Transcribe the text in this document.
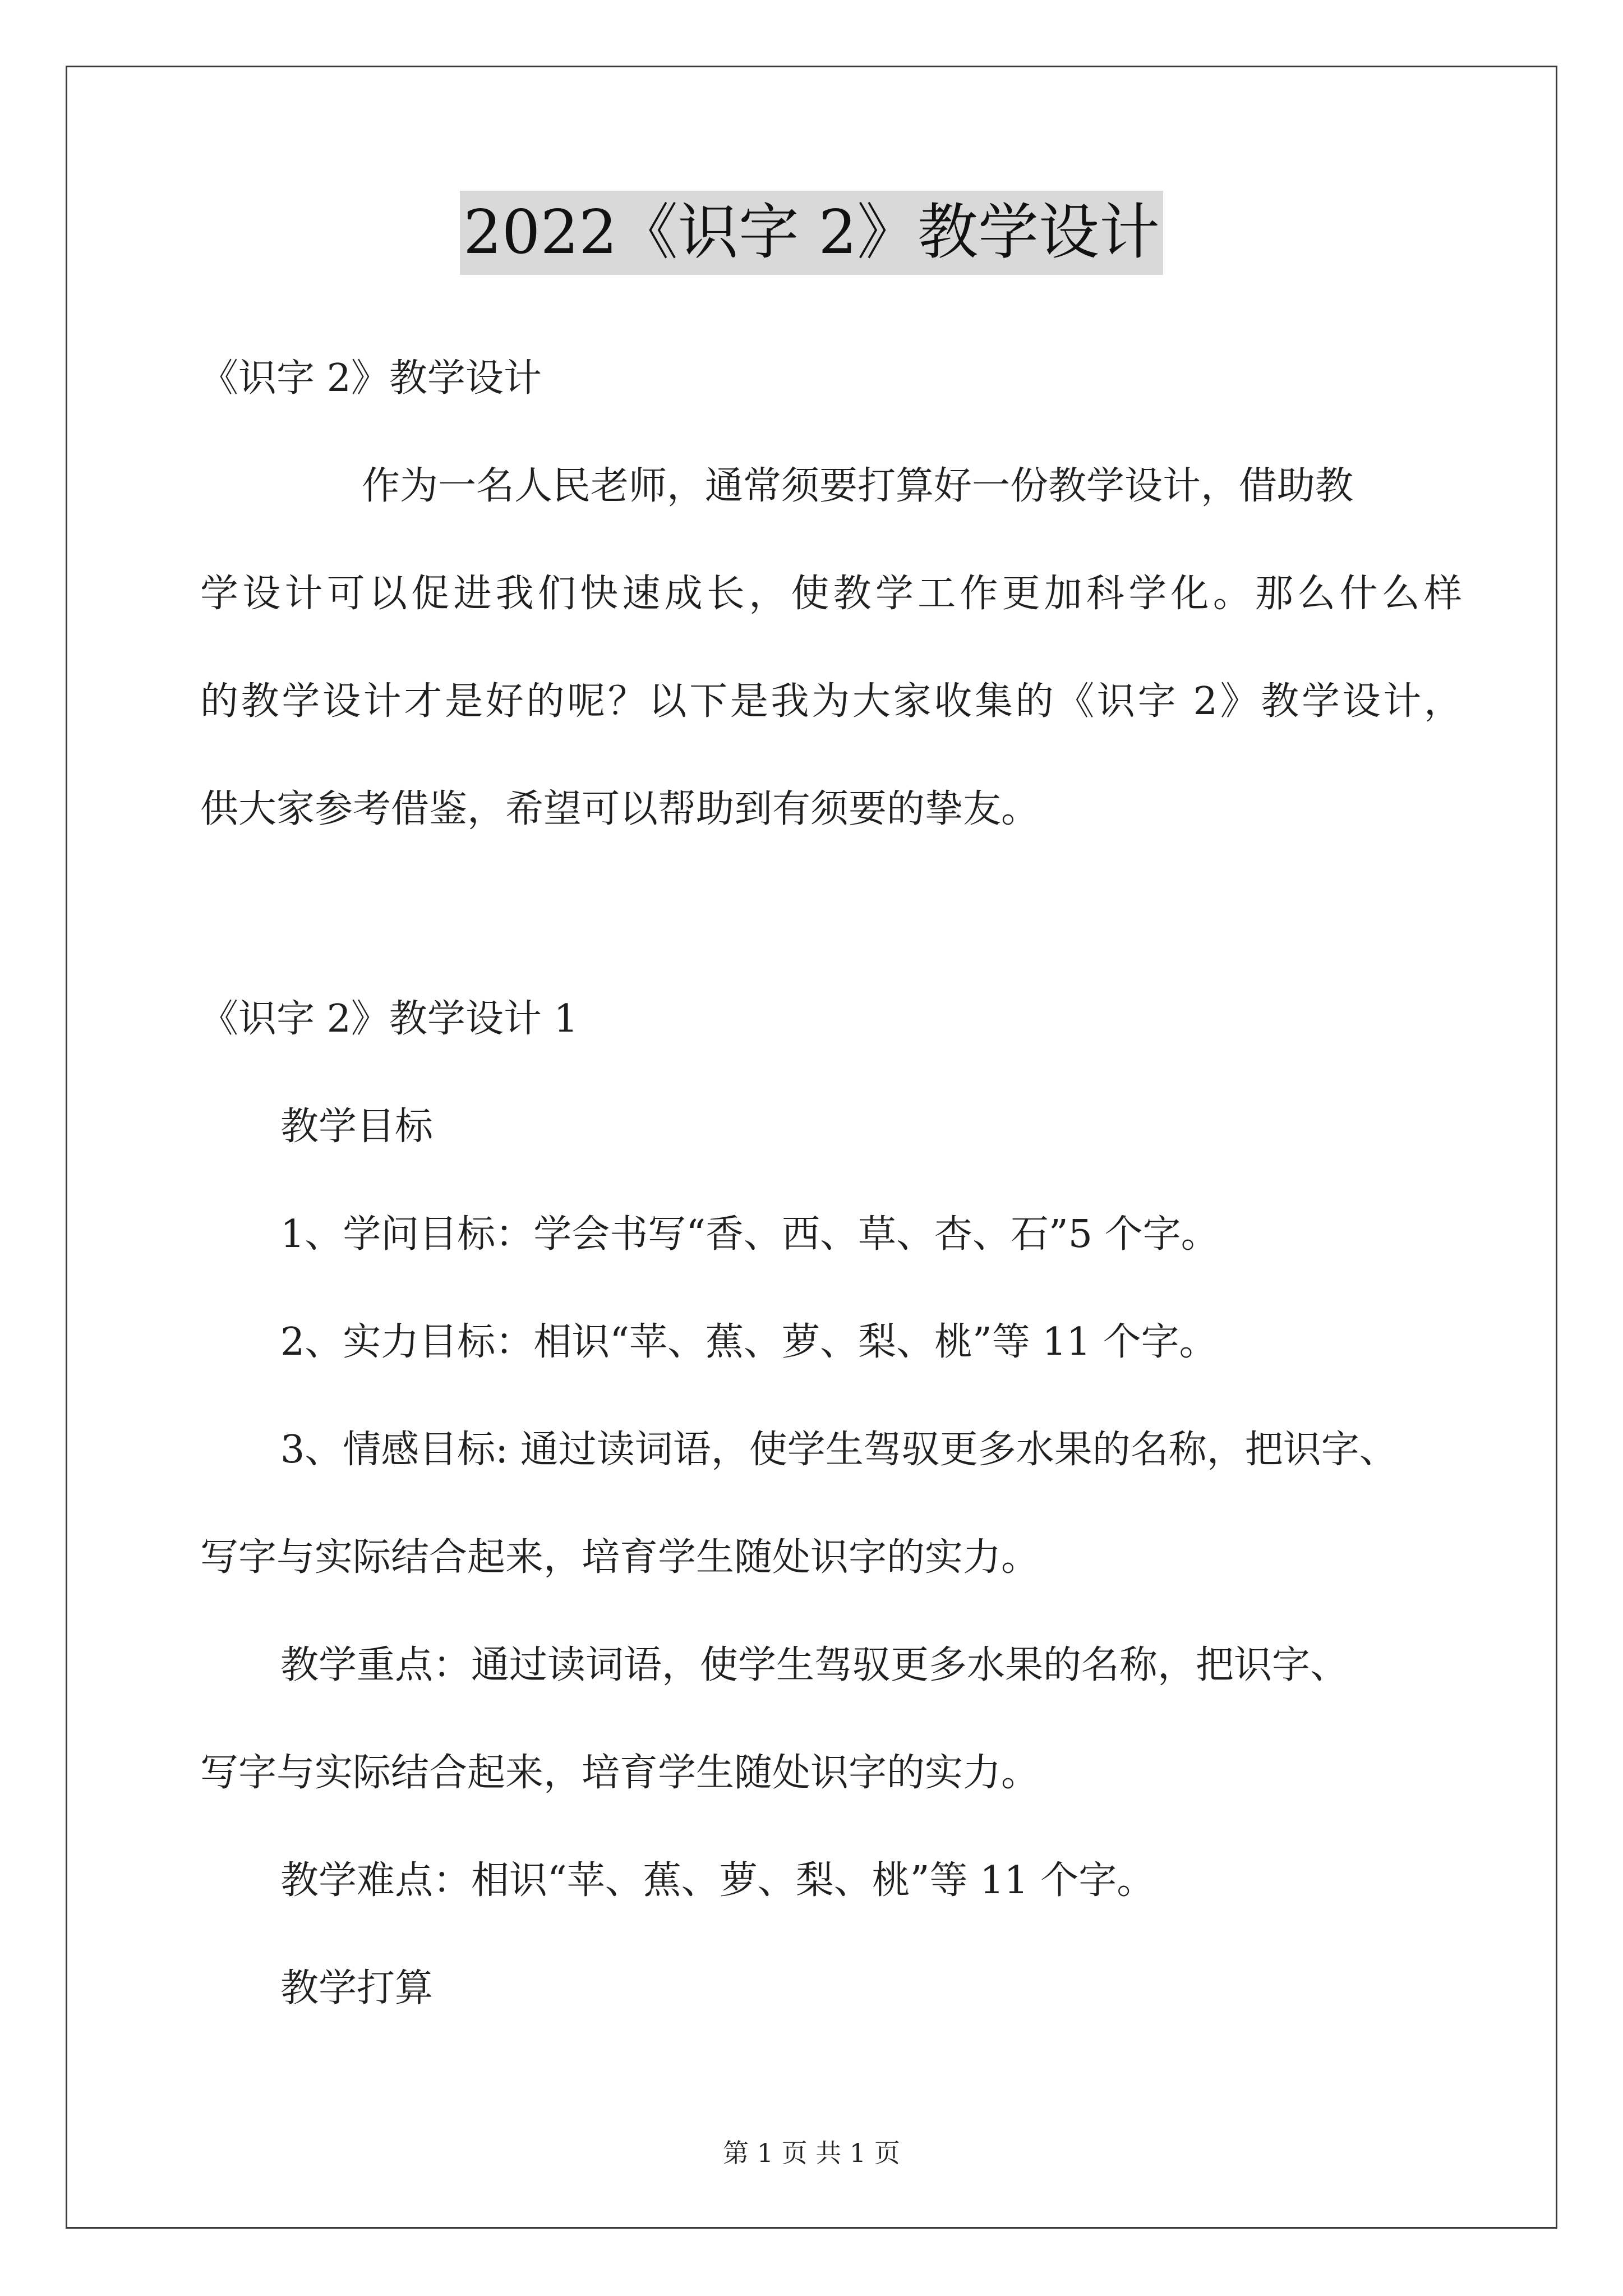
2022《识字 2》教学设计
《识字 2》教学设计
作为一名人民老师，通常须要打算好一份教学设计，借助教
学设计可以促进我们快速成长，使教学工作更加科学化。那么什么样
的教学设计才是好的呢？以下是我为大家收集的《识字 2》教学设计，
供大家参考借鉴，希望可以帮助到有须要的挚友。
《识字 2》教学设计 1
教学目标
1、学问目标：学会书写“香、西、草、杏、石”5 个字。
2、实力目标：相识“苹、蕉、萝、梨、桃”等 11 个字。
3、情感目标: 通过读词语，使学生驾驭更多水果的名称，把识字、
写字与实际结合起来，培育学生随处识字的实力。
教学重点：通过读词语，使学生驾驭更多水果的名称，把识字、
写字与实际结合起来，培育学生随处识字的实力。
教学难点：相识“苹、蕉、萝、梨、桃”等 11 个字。
教学打算
第 1 页 共 1 页
